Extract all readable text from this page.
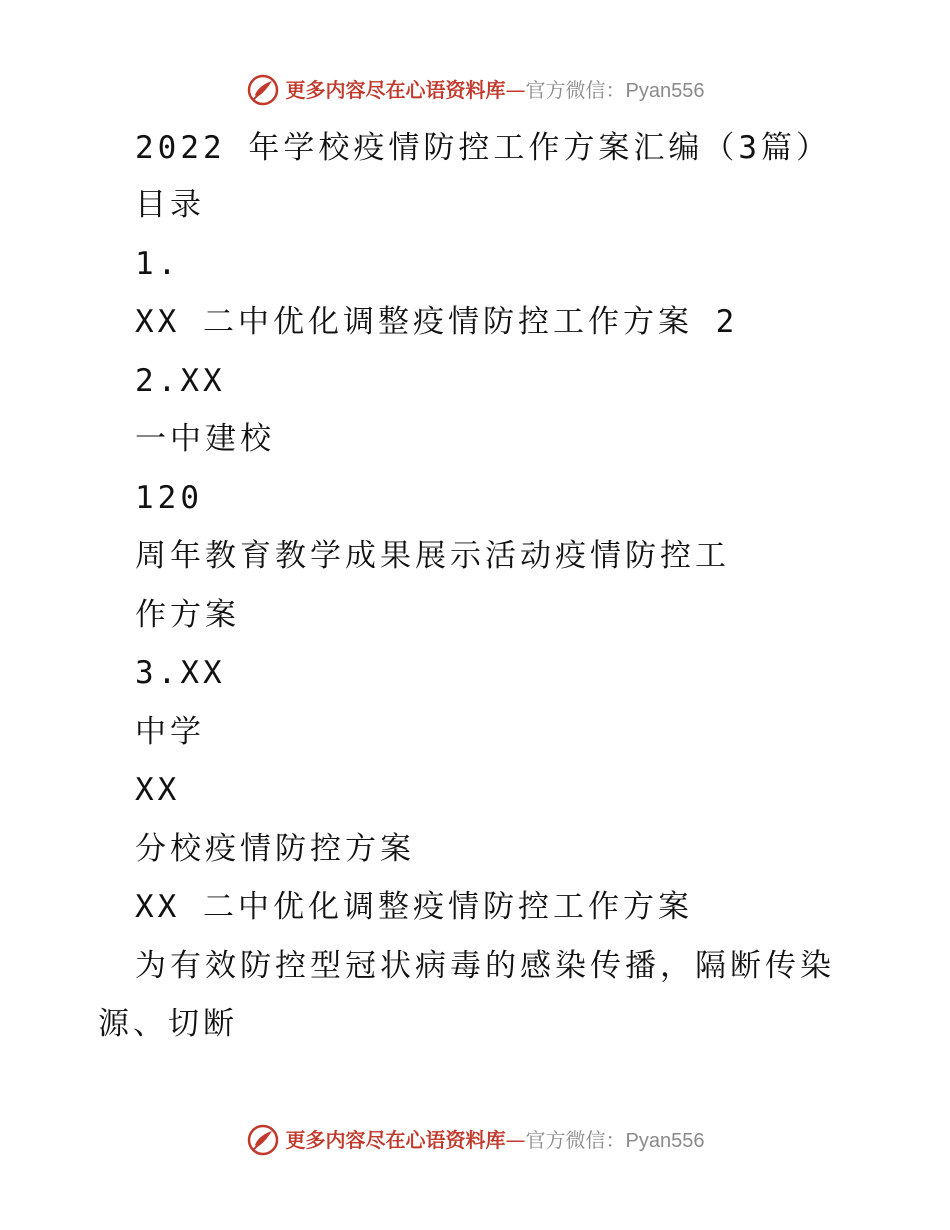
更多内容尽在心语资料库—官方微信：Pyan556
2022 年学校疫情防控工作方案汇编（3篇）
目录
1.
XX 二中优化调整疫情防控工作方案 2
2.XX
一中建校
120
周年教育教学成果展示活动疫情防控工
作方案
3.XX
中学
XX
分校疫情防控方案
XX 二中优化调整疫情防控工作方案
为有效防控型冠状病毒的感染传播，隔断传染
源、切断
更多内容尽在心语资料库—官方微信：Pyan556
